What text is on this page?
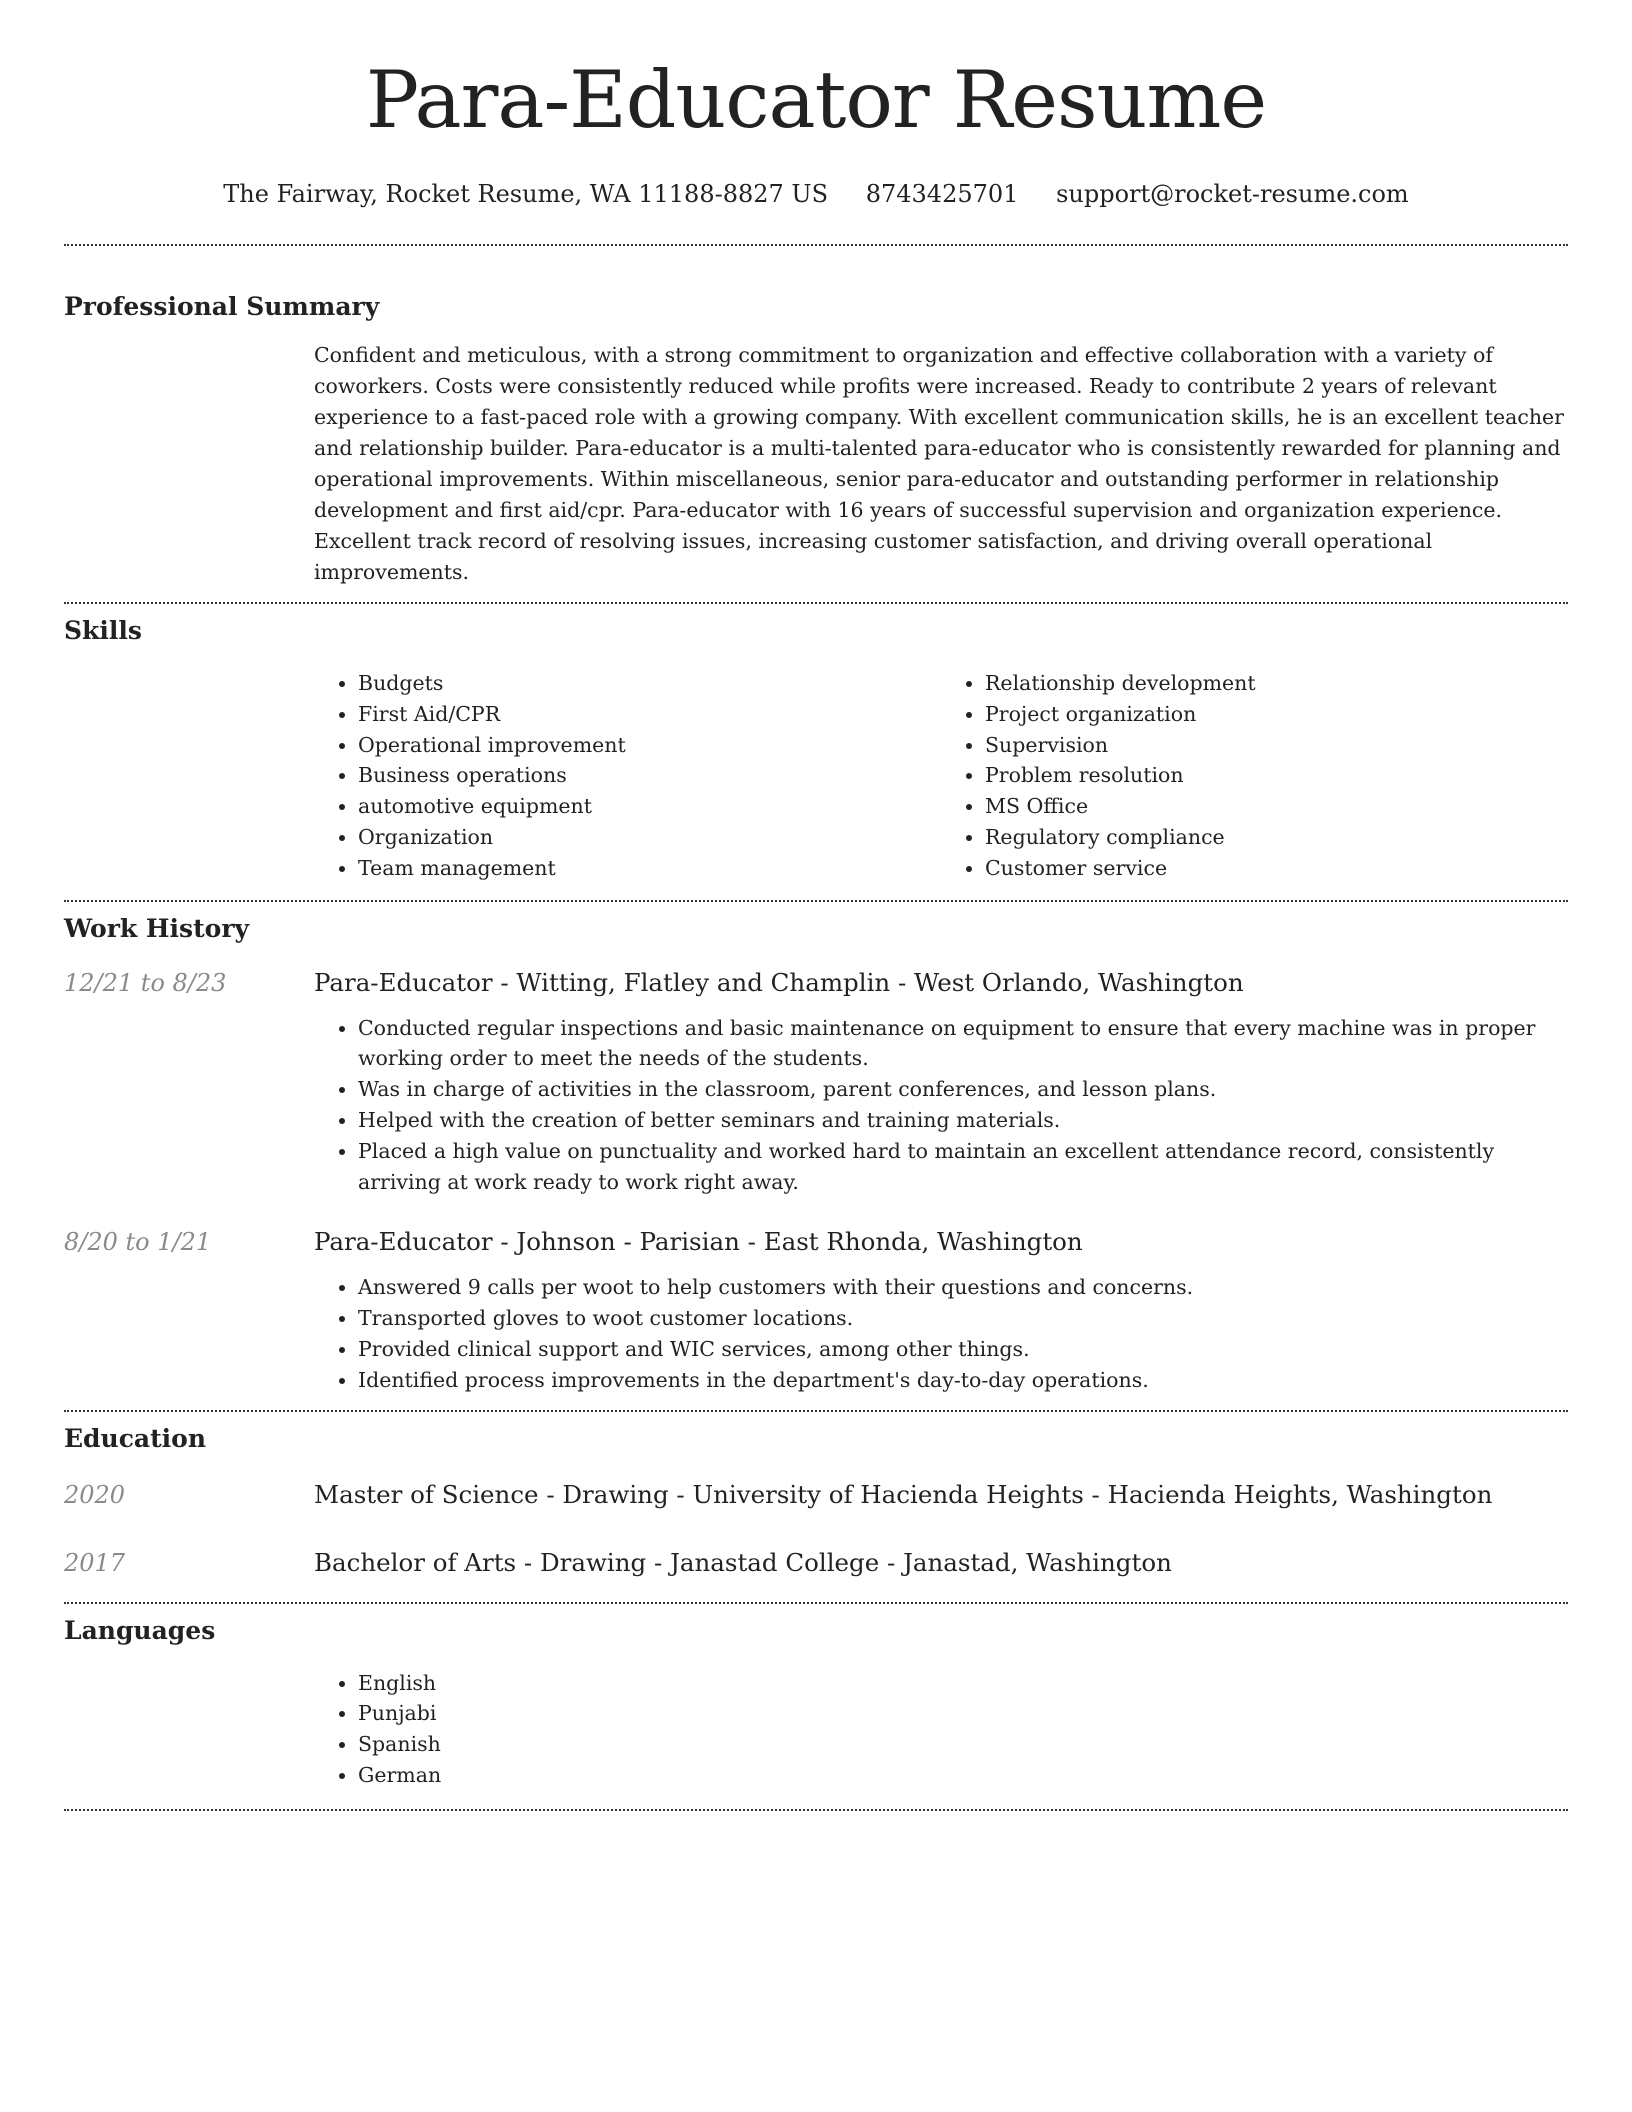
Para-Educator Resume
The Fairway, Rocket Resume, WA 11188-8827 US 8743425701 support@rocket-resume.com
Professional Summary

Confident and meticulous, with a strong commitment to organization and effective collaboration with a variety of coworkers. Costs were consistently reduced while profits were increased. Ready to contribute 2 years of relevant experience to a fast-paced role with a growing company. With excellent communication skills, he is an excellent teacher and relationship builder. Para-educator is a multi-talented para-educator who is consistently rewarded for planning and operational improvements. Within miscellaneous, senior para-educator and outstanding performer in relationship development and first aid/cpr. Para-educator with 16 years of successful supervision and organization experience. Excellent track record of resolving issues, increasing customer satisfaction, and driving overall operational improvements.

Skills
• Budgets
• First Aid/CPR
• Operational improvement
• Business operations
• automotive equipment
• Organization
• Team management
• Relationship development
• Project organization
• Supervision
• Problem resolution
• MS Office
• Regulatory compliance
• Customer service
Work History
12/21 to 8/23	Para-Educator - Witting, Flatley and Champlin - West Orlando, Washington
• Conducted regular inspections and basic maintenance on equipment to ensure that every machine was in proper working order to meet the needs of the students.
• Was in charge of activities in the classroom, parent conferences, and lesson plans.
• Helped with the creation of better seminars and training materials.
• Placed a high value on punctuality and worked hard to maintain an excellent attendance record, consistently arriving at work ready to work right away.
8/20 to 1/21	Para-Educator - Johnson - Parisian - East Rhonda, Washington
• Answered 9 calls per woot to help customers with their questions and concerns.
• Transported gloves to woot customer locations.
• Provided clinical support and WIC services, among other things.
• Identified process improvements in the department's day-to-day operations.
Education
2020	Master of Science - Drawing - University of Hacienda Heights - Hacienda Heights, Washington
2017	Bachelor of Arts - Drawing - Janastad College - Janastad, Washington
Languages
• English
• Punjabi
• Spanish
• German
